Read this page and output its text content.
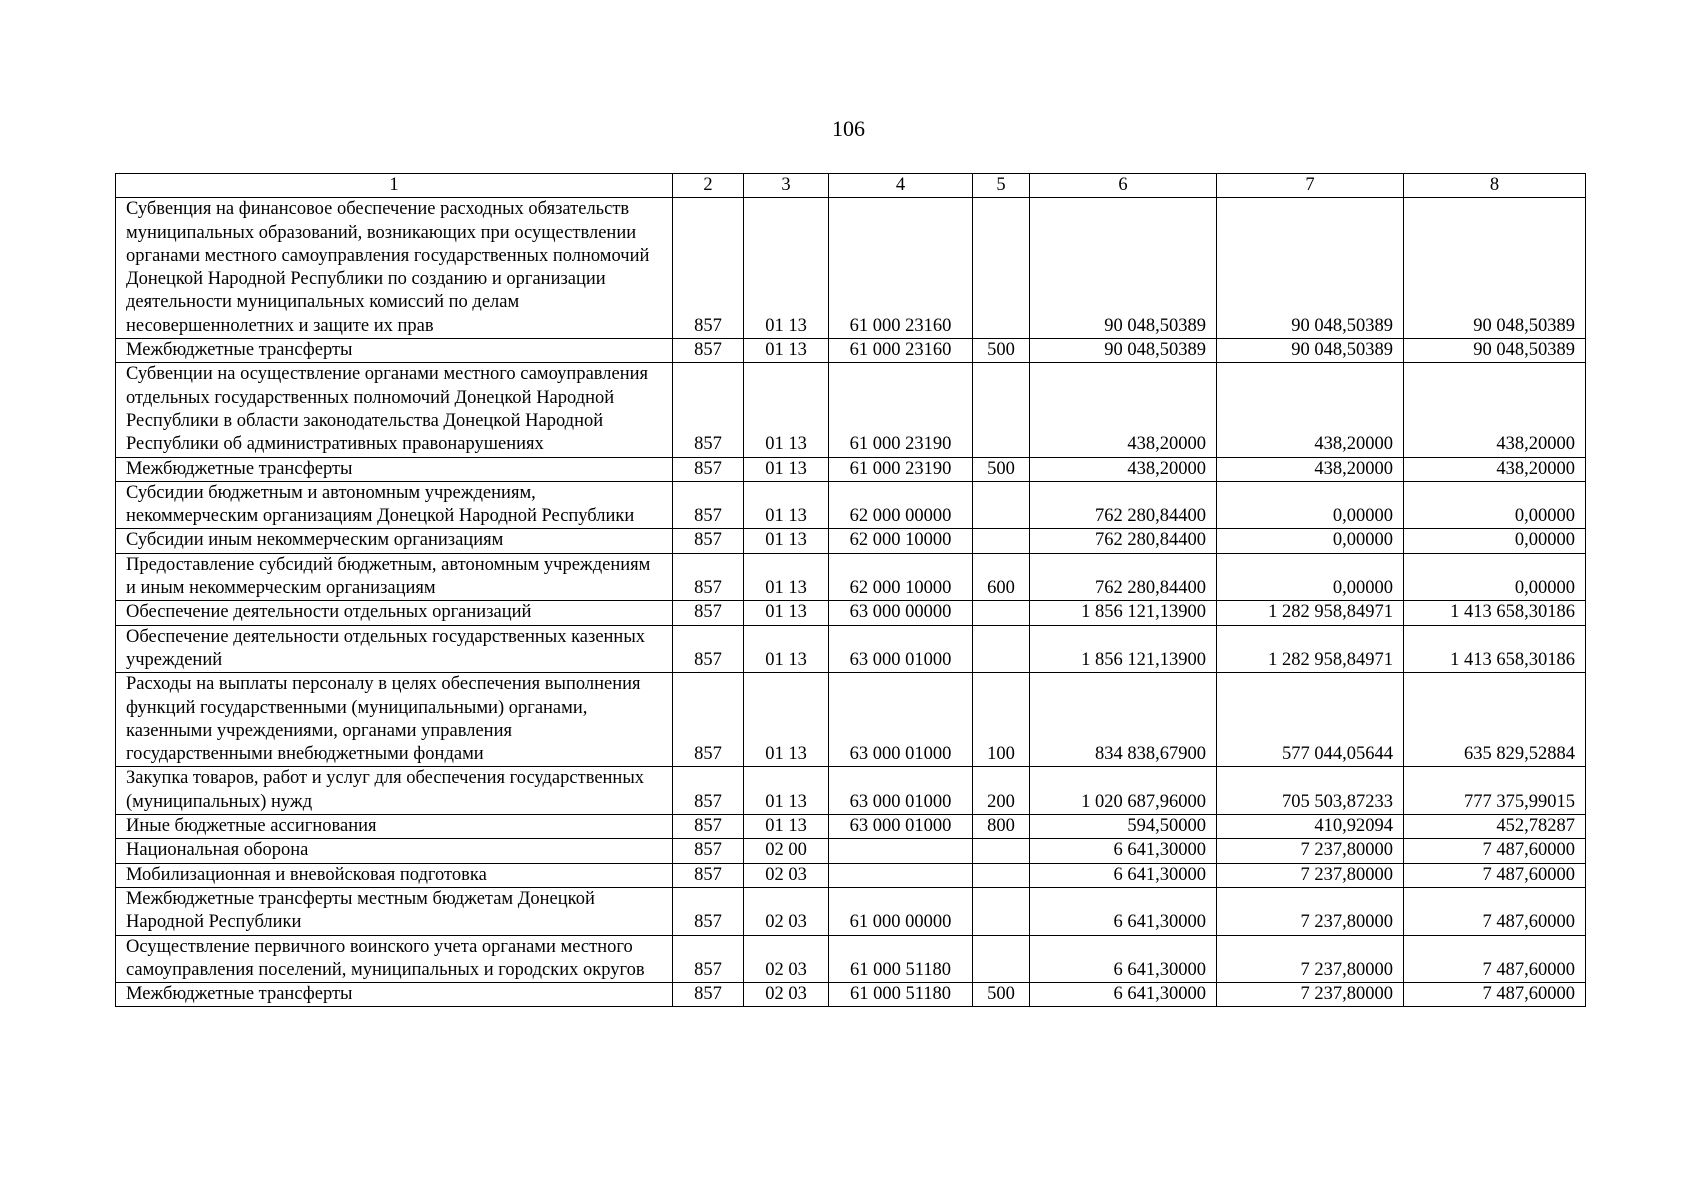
106
1	2	3	4	5	6	7	8
Субвенция на финансовое обеспечение расходных обязательств муниципальных образований, возникающих при осуществлении органами местного самоуправления государственных полномочий Донецкой Народной Республики по созданию и организации деятельности муниципальных комиссий по делам несовершеннолетних и защите их прав	857	01 13	61 000 23160		90 048,50389	90 048,50389	90 048,50389
Межбюджетные трансферты	857	01 13	61 000 23160	500	90 048,50389	90 048,50389	90 048,50389
Субвенции на осуществление органами местного самоуправления отдельных государственных полномочий Донецкой Народной Республики в области законодательства Донецкой Народной Республики об административных правонарушениях	857	01 13	61 000 23190		438,20000	438,20000	438,20000
Межбюджетные трансферты	857	01 13	61 000 23190	500	438,20000	438,20000	438,20000
Субсидии бюджетным и автономным учреждениям, некоммерческим организациям Донецкой Народной Республики	857	01 13	62 000 00000		762 280,84400	0,00000	0,00000
Субсидии иным некоммерческим организациям	857	01 13	62 000 10000		762 280,84400	0,00000	0,00000
Предоставление субсидий бюджетным, автономным учреждениям и иным некоммерческим организациям	857	01 13	62 000 10000	600	762 280,84400	0,00000	0,00000
Обеспечение деятельности отдельных организаций	857	01 13	63 000 00000		1 856 121,13900	1 282 958,84971	1 413 658,30186
Обеспечение деятельности отдельных государственных казенных учреждений	857	01 13	63 000 01000		1 856 121,13900	1 282 958,84971	1 413 658,30186
Расходы на выплаты персоналу в целях обеспечения выполнения функций государственными (муниципальными) органами, казенными учреждениями, органами управления государственными внебюджетными фондами	857	01 13	63 000 01000	100	834 838,67900	577 044,05644	635 829,52884
Закупка товаров, работ и услуг для обеспечения государственных (муниципальных) нужд	857	01 13	63 000 01000	200	1 020 687,96000	705 503,87233	777 375,99015
Иные бюджетные ассигнования	857	01 13	63 000 01000	800	594,50000	410,92094	452,78287
Национальная оборона	857	02 00			6 641,30000	7 237,80000	7 487,60000
Мобилизационная и вневойсковая подготовка	857	02 03			6 641,30000	7 237,80000	7 487,60000
Межбюджетные трансферты местным бюджетам Донецкой Народной Республики	857	02 03	61 000 00000		6 641,30000	7 237,80000	7 487,60000
Осуществление первичного воинского учета органами местного самоуправления поселений, муниципальных и городских округов	857	02 03	61 000 51180		6 641,30000	7 237,80000	7 487,60000
Межбюджетные трансферты	857	02 03	61 000 51180	500	6 641,30000	7 237,80000	7 487,60000
